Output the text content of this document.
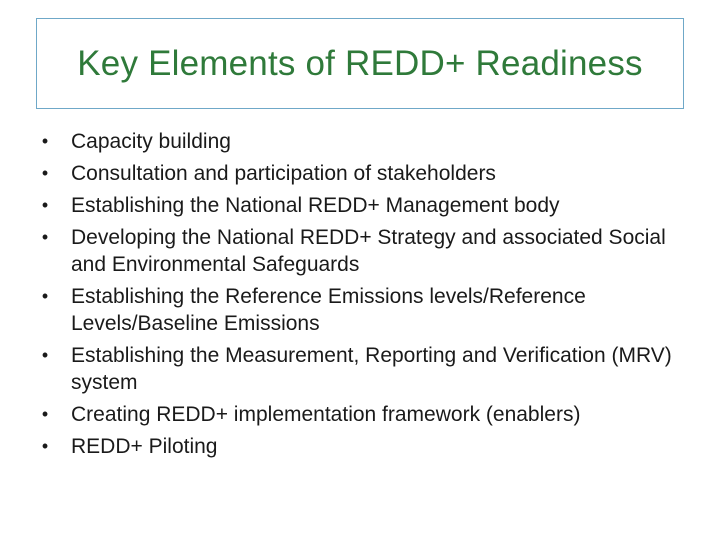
Key Elements of REDD+ Readiness
• Capacity building
• Consultation and participation of stakeholders
• Establishing the National REDD+ Management body
• Developing the National REDD+ Strategy and associated Social and Environmental Safeguards
• Establishing the Reference Emissions levels/Reference Levels/Baseline Emissions
• Establishing the Measurement, Reporting and Verification (MRV) system
• Creating REDD+ implementation framework (enablers)
• REDD+ Piloting
